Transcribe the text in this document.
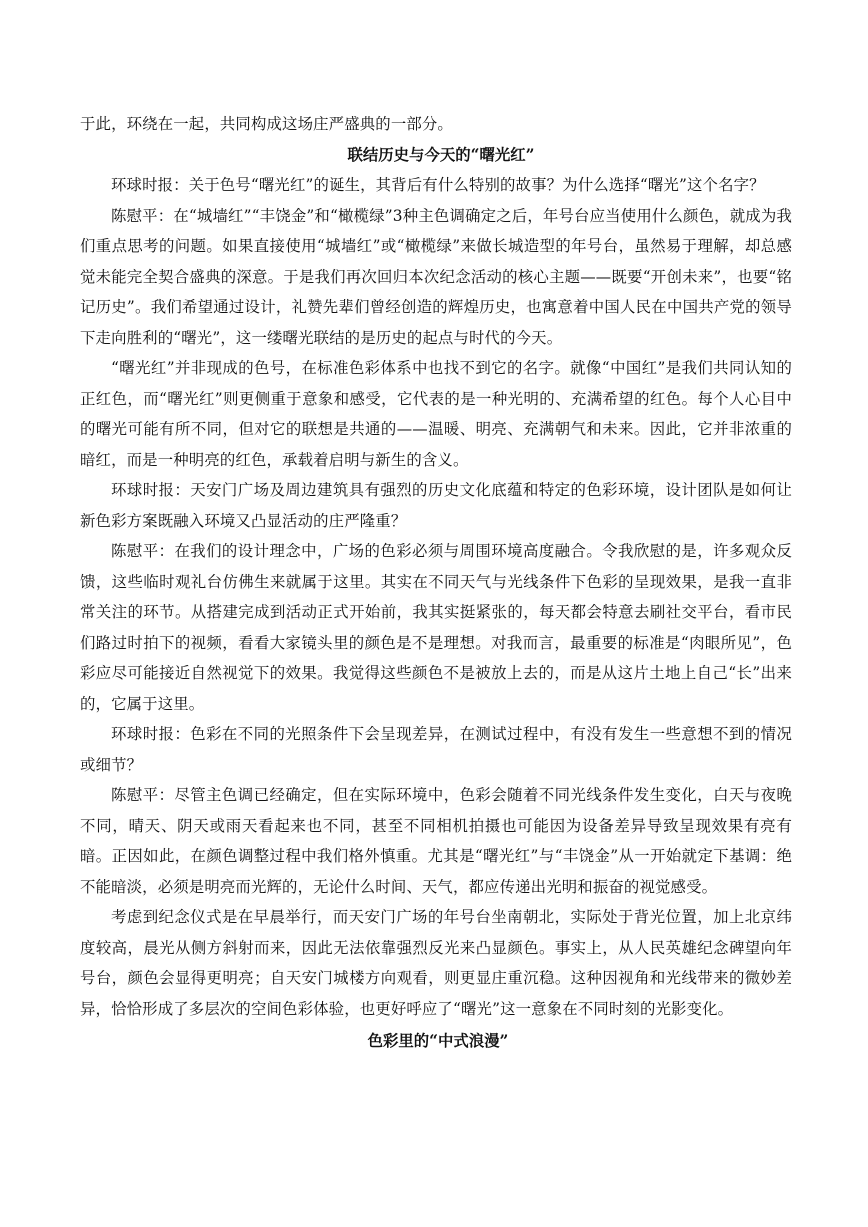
于此，环绕在一起，共同构成这场庄严盛典的一部分。

联结历史与今天的“曙光红”

环球时报：关于色号“曙光红”的诞生，其背后有什么特别的故事？为什么选择“曙光”这个名字？

陈慰平：在“城墙红”“丰饶金”和“橄榄绿”3种主色调确定之后，年号台应当使用什么颜色，就成为我们重点思考的问题。如果直接使用“城墙红”或“橄榄绿”来做长城造型的年号台，虽然易于理解，却总感觉未能完全契合盛典的深意。于是我们再次回归本次纪念活动的核心主题——既要“开创未来”，也要“铭记历史”。我们希望通过设计，礼赞先辈们曾经创造的辉煌历史，也寓意着中国人民在中国共产党的领导下走向胜利的“曙光”，这一缕曙光联结的是历史的起点与时代的今天。

“曙光红”并非现成的色号，在标准色彩体系中也找不到它的名字。就像“中国红”是我们共同认知的正红色，而“曙光红”则更侧重于意象和感受，它代表的是一种光明的、充满希望的红色。每个人心目中的曙光可能有所不同，但对它的联想是共通的——温暖、明亮、充满朝气和未来。因此，它并非浓重的暗红，而是一种明亮的红色，承载着启明与新生的含义。

环球时报：天安门广场及周边建筑具有强烈的历史文化底蕴和特定的色彩环境，设计团队是如何让新色彩方案既融入环境又凸显活动的庄严隆重？

陈慰平：在我们的设计理念中，广场的色彩必须与周围环境高度融合。令我欣慰的是，许多观众反馈，这些临时观礼台仿佛生来就属于这里。其实在不同天气与光线条件下色彩的呈现效果，是我一直非常关注的环节。从搭建完成到活动正式开始前，我其实挺紧张的，每天都会特意去刷社交平台，看市民们路过时拍下的视频，看看大家镜头里的颜色是不是理想。对我而言，最重要的标准是“肉眼所见”，色彩应尽可能接近自然视觉下的效果。我觉得这些颜色不是被放上去的，而是从这片土地上自己“长”出来的，它属于这里。

环球时报：色彩在不同的光照条件下会呈现差异，在测试过程中，有没有发生一些意想不到的情况或细节？

陈慰平：尽管主色调已经确定，但在实际环境中，色彩会随着不同光线条件发生变化，白天与夜晚不同，晴天、阴天或雨天看起来也不同，甚至不同相机拍摄也可能因为设备差异导致呈现效果有亮有暗。正因如此，在颜色调整过程中我们格外慎重。尤其是“曙光红”与“丰饶金”从一开始就定下基调：绝不能暗淡，必须是明亮而光辉的，无论什么时间、天气，都应传递出光明和振奋的视觉感受。

考虑到纪念仪式是在早晨举行，而天安门广场的年号台坐南朝北，实际处于背光位置，加上北京纬度较高，晨光从侧方斜射而来，因此无法依靠强烈反光来凸显颜色。事实上，从人民英雄纪念碑望向年号台，颜色会显得更明亮；自天安门城楼方向观看，则更显庄重沉稳。这种因视角和光线带来的微妙差异，恰恰形成了多层次的空间色彩体验，也更好呼应了“曙光”这一意象在不同时刻的光影变化。

色彩里的“中式浪漫”
